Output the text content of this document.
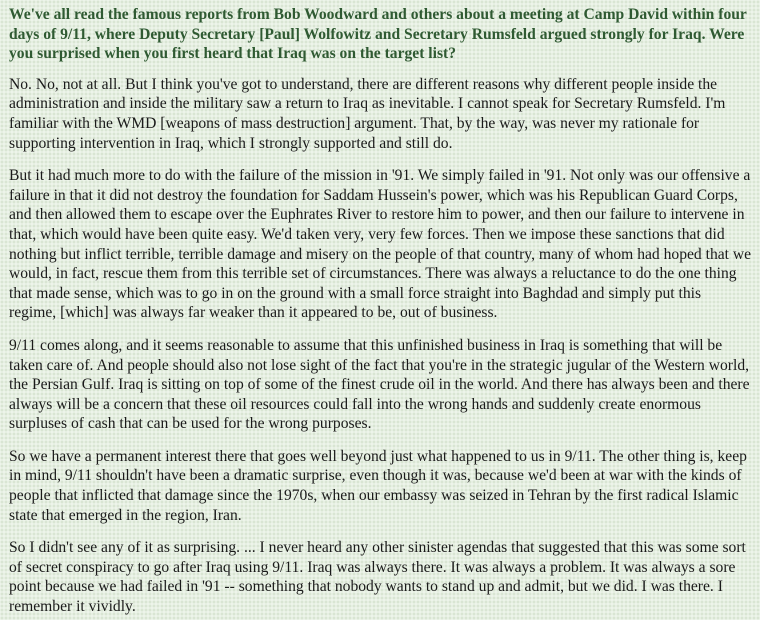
We've all read the famous reports from Bob Woodward and others about a meeting at Camp David within four days of 9/11, where Deputy Secretary [Paul] Wolfowitz and Secretary Rumsfeld argued strongly for Iraq. Were you surprised when you first heard that Iraq was on the target list?

No. No, not at all. But I think you've got to understand, there are different reasons why different people inside the administration and inside the military saw a return to Iraq as inevitable. I cannot speak for Secretary Rumsfeld. I'm familiar with the WMD [weapons of mass destruction] argument. That, by the way, was never my rationale for supporting intervention in Iraq, which I strongly supported and still do.

But it had much more to do with the failure of the mission in '91. We simply failed in '91. Not only was our offensive a failure in that it did not destroy the foundation for Saddam Hussein's power, which was his Republican Guard Corps, and then allowed them to escape over the Euphrates River to restore him to power, and then our failure to intervene in that, which would have been quite easy. We'd taken very, very few forces. Then we impose these sanctions that did nothing but inflict terrible, terrible damage and misery on the people of that country, many of whom had hoped that we would, in fact, rescue them from this terrible set of circumstances. There was always a reluctance to do the one thing that made sense, which was to go in on the ground with a small force straight into Baghdad and simply put this regime, [which] was always far weaker than it appeared to be, out of business.

9/11 comes along, and it seems reasonable to assume that this unfinished business in Iraq is something that will be taken care of. And people should also not lose sight of the fact that you're in the strategic jugular of the Western world, the Persian Gulf. Iraq is sitting on top of some of the finest crude oil in the world. And there has always been and there always will be a concern that these oil resources could fall into the wrong hands and suddenly create enormous surpluses of cash that can be used for the wrong purposes.

So we have a permanent interest there that goes well beyond just what happened to us in 9/11. The other thing is, keep in mind, 9/11 shouldn't have been a dramatic surprise, even though it was, because we'd been at war with the kinds of people that inflicted that damage since the 1970s, when our embassy was seized in Tehran by the first radical Islamic state that emerged in the region, Iran.

So I didn't see any of it as surprising. ... I never heard any other sinister agendas that suggested that this was some sort of secret conspiracy to go after Iraq using 9/11. Iraq was always there. It was always a problem. It was always a sore point because we had failed in '91 -- something that nobody wants to stand up and admit, but we did. I was there. I remember it vividly.
